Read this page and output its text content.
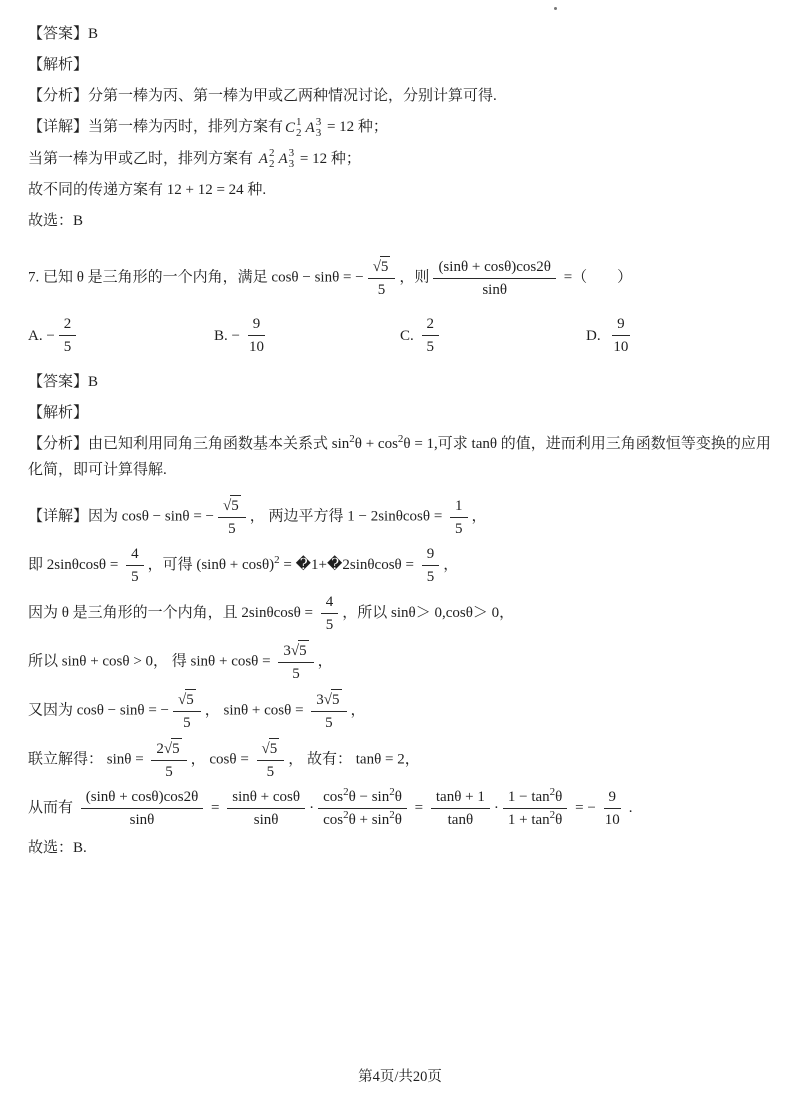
【答案】B
【解析】
【分析】分第一棒为丙、第一棒为甲或乙两种情况讨论，分别计算可得.
【详解】当第一棒为丙时，排列方案有 C 1
2 A 3
3 = 12 种；
当第一棒为甲或乙时，排列方案有 A 2
2 A 3
3 = 12 种；
故不同的传递方案有 12 + 12 = 24 种.
故选：B
7. 已知 θ 是三角形的一个内角，满足 cosθ − sinθ = − $\frac{√ 5}{5}$ ，则 $\frac{(\sin\theta + \cos\theta)\cos 2\theta}{\sin\theta}$ =（　　）
A. − $\frac{2}{5}$	B. − $\frac{9}{10}$	C. $\frac{2}{5}$	D. $\frac{9}{10}$
【答案】B
【解析】
【分析】由已知利用同角三角函数基本关系式 $\sin^2\theta + \cos^2\theta = 1$,可求 tanθ 的值，进而利用三角函数恒等变换的应用化简，即可计算得解.
【详解】因为 cosθ − sinθ = − $\frac{√ 5}{5}$ ， 两边平方得 $1 - 2\sin\theta\cos\theta = \frac{1}{5}$ ，
即 $2\sin\theta\cos\theta = \frac{4}{5}$ ，可得 $(\sin\theta + \cos\theta)^2$ = �1+�2sinθcosθ = $\frac{9}{5}$ ，
因为 θ 是三角形的一个内角，且 $2\sin\theta\cos\theta = \frac{4}{5}$ ，所以 sinθ＞ 0,cosθ＞ 0，
所以 sinθ + cosθ > 0， 得 $\sin\theta + \cos\theta = \frac{3 √ 5}{5}$ ，
又因为 cosθ − sinθ = − $\frac{√ 5}{5}$ ， $\sin\theta + \cos\theta = \frac{3 √ 5}{5}$ ，
联立解得： $\sin\theta = \frac{2 √ 5}{5}$ ， $\cos\theta = \frac{√ 5}{5}$ ， 故有： tanθ = 2，
从而有 $\frac{(\sin\theta + \cos\theta)\cos 2\theta}{\sin\theta} = \frac{\sin\theta + \cos\theta}{\sin\theta} \cdot \frac{\cos^2\theta - \sin^2\theta}{\cos^2\theta + \sin^2\theta} = \frac{\tan\theta + 1}{\tan\theta} \cdot \frac{1 - \tan^2\theta}{1 + \tan^2\theta}$ = − $\frac{9}{10}$ .
故选：B.
第4页/共20页
